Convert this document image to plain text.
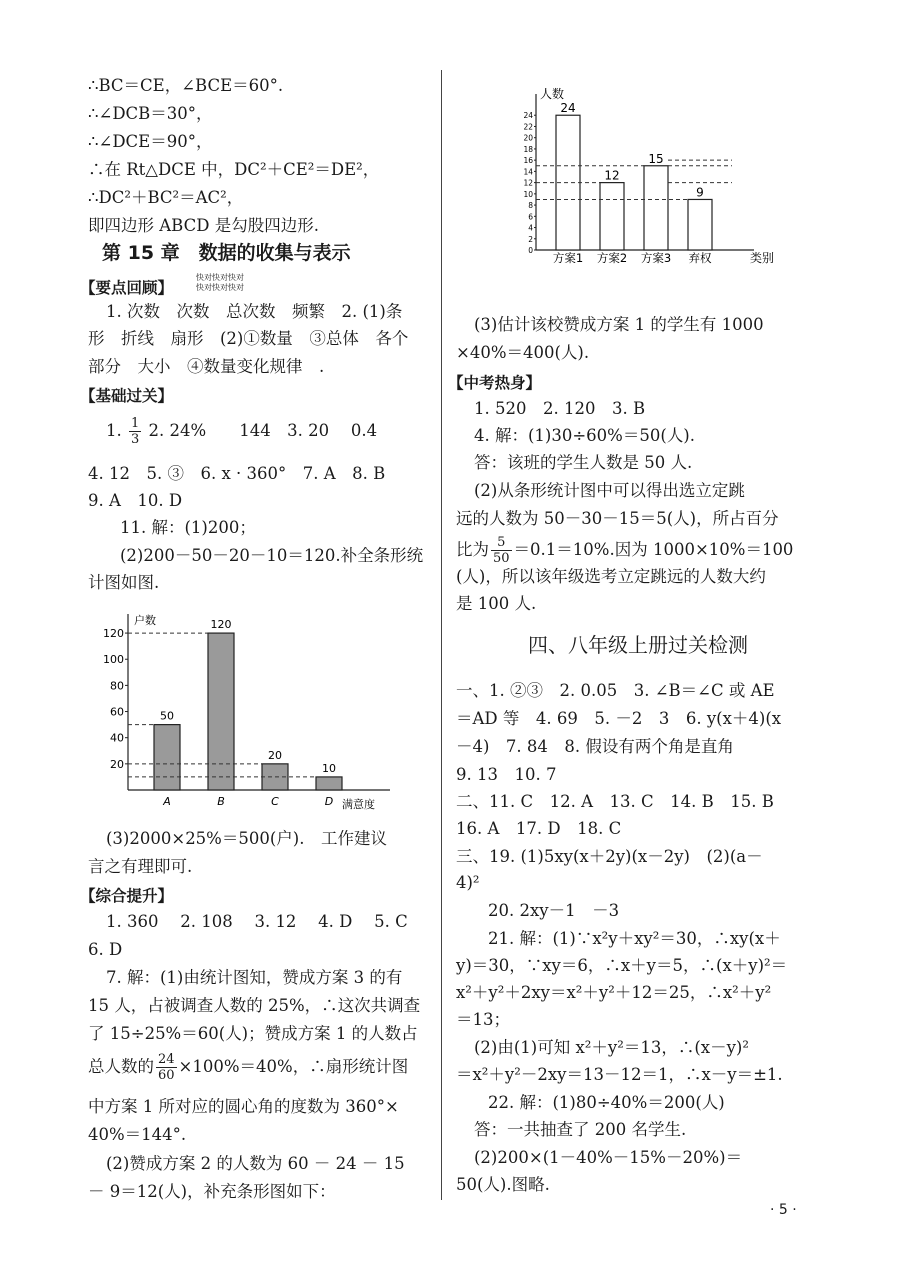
∴BC＝CE，∠BCE＝60°.
∴∠DCB＝30°，
∴∠DCE＝90°，
∴在 Rt△DCE 中，DC²＋CE²＝DE²，
∴DC²＋BC²＝AC²，
即四边形 ABCD 是勾股四边形.
第 15 章　数据的收集与表示
快对快对快对
快对快对快对
【要点回顾】
1. 次数　次数　总次数　频繁　2. (1)条
形　折线　扇形　(2)①数量　③总体　各个
部分　大小　④数量变化规律　.
【基础过关】
1. $\frac{1}{3} 2$. 24%　　144　3. 20　 0.4
4. 12　5. ③　6. x · 360°　7. A　8. B
9. A　10. D
11. 解：(1)200；
(2)200－50－20－10＝120.补全条形统
计图如图.
户数
满意度
20
40
60
80
100
120
50
A
120
B
20
C
10
D
(3)2000×25%＝500(户).　工作建议
言之有理即可.
【综合提升】
1. 360　 2. 108　 3. 12　 4. D　 5. C
6. D
7. 解：(1)由统计图知，赞成方案 3 的有
15 人，占被调查人数的 25%，∴这次共调查
了 15÷25%＝60(人)；赞成方案 1 的人数占
总人数的 $\frac{24}{60} \times 100\%=40\%$，∴扇形统计图
中方案 1 所对应的圆心角的度数为 360°×
40%＝144°.
(2)赞成方案 2 的人数为 60 － 24 － 15
－ 9＝12(人)，补充条形图如下：
人数
类别
0
2
4
6
8
10
12
14
16
18
20
22
24
24
方案1
12
方案2
15
方案3
9
弃权
(3)估计该校赞成方案 1 的学生有 1000
×40%＝400(人).
【中考热身】
1. 520　2. 120　3. B
4. 解：(1)30÷60%＝50(人).
答：该班的学生人数是 50 人.
(2)从条形统计图中可以得出选立定跳
远的人数为 50－30－15＝5(人)，所占百分
比为 $\frac{5}{50} =0.1=10\%$.因为 1000×10%＝100
(人)，所以该年级选考立定跳远的人数大约
是 100 人.
四、八年级上册过关检测
一、1. ②③　2. 0.05　3. ∠B＝∠C 或 AE
＝AD 等　4. 69　5. －2　3　6. y(x＋4)(x
－4)　7. 84　8. 假设有两个角是直角
9. 13　10. 7
二、11. C　12. A　13. C　14. B　15. B
16. A　17. D　18. C
三、19. (1)5xy(x＋2y)(x－2y)　(2)(a－
4)²
20. 2xy－1　－3
21. 解：(1)∵x²y＋xy²＝30，∴xy(x＋
y)＝30，∵xy＝6，∴x＋y＝5，∴(x＋y)²＝
x²＋y²＋2xy＝x²＋y²＋12＝25，∴x²＋y²
＝13；
(2)由(1)可知 x²＋y²＝13，∴(x－y)²
＝x²＋y²－2xy＝13－12＝1，∴x－y＝±1.
22. 解：(1)80÷40%＝200(人)
答：一共抽查了 200 名学生.
(2)200×(1－40%－15%－20%)＝
50(人).图略.
· 5 ·
